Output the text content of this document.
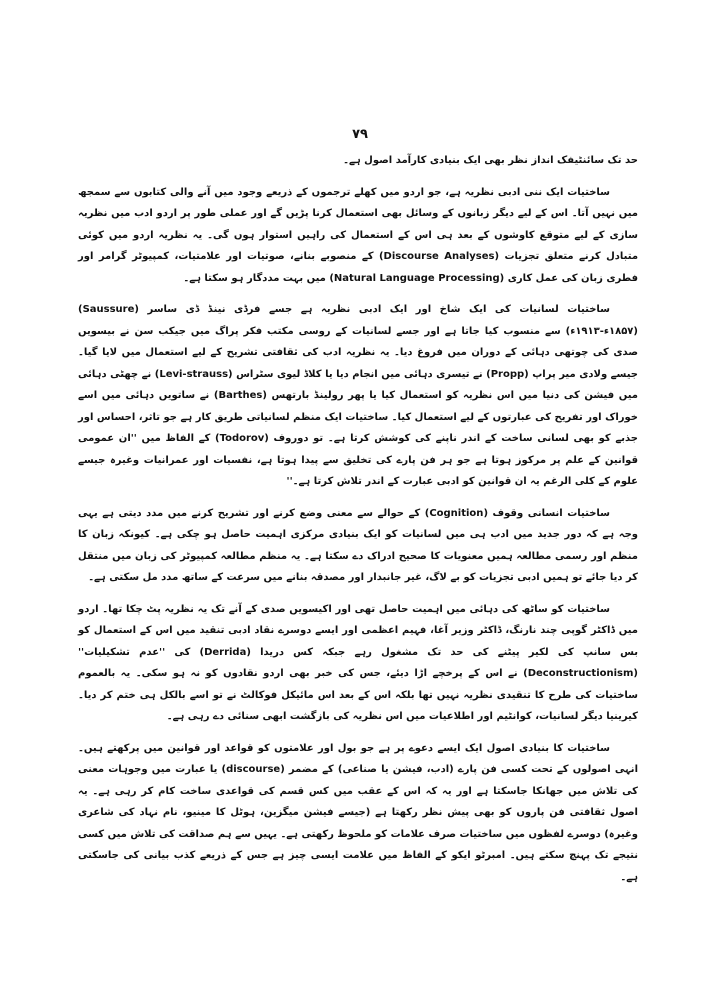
۷۹

حد تک سائنٹیفک انداز نظر بھی ایک بنیادی کارآمد اصول ہے۔

ساختیات ایک ننی ادبی نظریہ ہے، جو اردو میں کھلے ترجموں کے ذریعے وجود میں آنے والی کتابوں سے سمجھ میں نہیں آتا۔ اس کے لیے دیگر زبانوں کے وسائل بھی استعمال کرنا پڑیں گے اور عملی طور پر اردو ادب میں نظریہ سازی کے لیے متوقع کاوشوں کے بعد ہی اس کے استعمال کی راہیں استوار ہوں گی۔ یہ نظریہ اردو میں کوئی متبادل کرنے متعلق تجزیات (Discourse Analyses) کے منصوبے بنانے، صوتیات اور علامتیات، کمپیوٹر گرامر اور فطری زبان کی عمل کاری (Natural Language Processing) میں بہت مددگار ہو سکتا ہے۔

ساختیات لسانیات کی ایک شاخ اور ایک ادبی نظریہ ہے جسے فرڈی نینڈ ڈی ساسر (Saussure) (۱۸۵۷ء-۱۹۱۳ء) سے منسوب کیا جاتا ہے اور جسے لسانیات کے روسی مکتب فکر پراگ میں جیکب سن نے بیسویں صدی کی چوتھی دہائی کے دوران میں فروغ دیا۔ یہ نظریہ ادب کی ثقافتی تشریح کے لیے استعمال میں لایا گیا۔ جیسے ولادی میر پراپ (Propp) نے تیسری دہائی میں انجام دیا یا کلاڈ لیوی سٹراس (Levi-strauss) نے چھٹی دہائی میں فیشن کی دنیا میں اس نظریہ کو استعمال کیا یا پھر رولینڈ بارتھس (Barthes) نے ساتویں دہائی میں اسے خوراک اور تفریح کی عبارتوں کے لیے استعمال کیا۔ ساختیات ایک منظم لسانیاتی طریق کار ہے جو تاثر، احساس اور جذبے کو بھی لسانی ساخت کے اندر ناپنے کی کوشش کرتا ہے۔ تو دوروف (Todorov) کے الفاظ میں ''ان عمومی قوانین کے علم پر مرکوز ہوتا ہے جو ہر فن پارے کی تخلیق سے پیدا ہوتا ہے، نفسیات اور عمرانیات وغیرہ جیسے علوم کے کلی الرغم یہ ان قوانین کو ادبی عبارت کے اندر تلاش کرتا ہے۔''

ساختیات انسانی وقوف (Cognition) کے حوالے سے معنی وضع کرنے اور تشریح کرنے میں مدد دیتی ہے یہی وجہ ہے کہ دور جدید میں ادب ہی میں لسانیات کو ایک بنیادی مرکزی اہمیت حاصل ہو چکی ہے۔ کیونکہ زبان کا منظم اور رسمی مطالعہ ہمیں معنویات کا صحیح ادراک دے سکتا ہے۔ یہ منظم مطالعہ کمپیوٹر کی زبان میں منتقل کر دیا جائے تو ہمیں ادبی تجزیات کو بے لاگ، غیر جانبدار اور مصدقہ بنانے میں سرعت کے ساتھ مدد مل سکتی ہے۔

ساختیات کو ساٹھ کی دہائی میں اہمیت حاصل تھی اور اکیسویں صدی کے آنے تک یہ نظریہ پٹ چکا تھا۔ اردو میں ڈاکٹر گوپی چند نارنگ، ڈاکٹر وزیر آغا، فہیم اعظمی اور ایسے دوسرے نقاد ادبی تنقید میں اس کے استعمال کو بس سانپ کی لکیر پیٹنے کی حد تک مشغول رہے جبکہ کس دریدا (Derrida) کی ''عدم تشکیلیات'' (Deconstructionism) نے اس کے پرخچے اڑا دیئے، جس کی خبر بھی اردو نقادوں کو نہ ہو سکی۔ یہ بالعموم ساختیات کی طرح کا تنقیدی نظریہ نہیں تھا بلکہ اس کے بعد اس مائیکل فوکالٹ نے تو اسے بالکل ہی ختم کر دیا۔ کیرینیا دیگر لسانیات، کوانٹیم اور اطلاعیات میں اس نظریہ کی بازگشت ابھی سنائی دے رہی ہے۔

ساختیات کا بنیادی اصول ایک ایسے دعوے پر ہے جو بول اور علامتوں کو قواعد اور قوانین میں پرکھتے ہیں۔ انہی اصولوں کے تحت کسی فن پارے (ادب، فیشن یا صناعی) کے مضمر (discourse) یا عبارت میں وجوہات معنی کی تلاش میں جھانکا جاسکتا ہے اور یہ کہ اس کے عقب میں کس قسم کی قواعدی ساخت کام کر رہی ہے۔ یہ اصول ثقافتی فن پاروں کو بھی پیش نظر رکھتا ہے (جیسے فیشن میگزین، ہوٹل کا مینیو، نام نہاد کی شاعری وغیرہ) دوسرے لفظوں میں ساختیات صرف علامات کو ملحوظ رکھتی ہے۔ یہیں سے ہم صداقت کی تلاش میں کسی نتیجے تک پہنچ سکتے ہیں۔ امبرٹو ایکو کے الفاظ میں علامت ایسی چیز ہے جس کے ذریعے کذب بیانی کی جاسکتی ہے۔
